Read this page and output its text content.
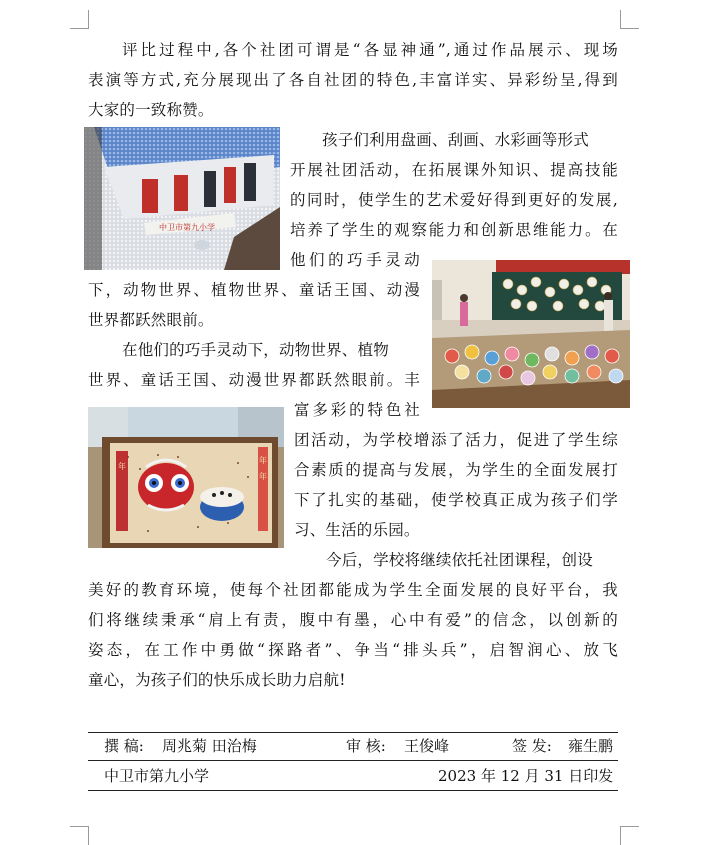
评比过程中,各个社团可谓是“各显神通”,通过作品展示、现场
表演等方式,充分展现出了各自社团的特色,丰富详实、异彩纷呈,得到
大家的一致称赞。
中卫市第九小学
孩子们利用盘画、刮画、水彩画等形式
开展社团活动，在拓展课外知识、提高技能
的同时，使学生的艺术爱好得到更好的发展,
培养了学生的观察能力和创新思维能力。在
他们的巧手灵动
下，动物世界、植物世界、童话王国、动漫
世界都跃然眼前。
在他们的巧手灵动下，动物世界、植物
世界、童话王国、动漫世界都跃然眼前。丰
富多彩的特色社
团活动，为学校增添了活力，促进了学生综
合素质的提高与发展，为学生的全面发展打
下了扎实的基础，使学校真正成为孩子们学
习、生活的乐园。
年
年
年
今后，学校将继续依托社团课程，创设
美好的教育环境，使每个社团都能成为学生全面发展的良好平台，我
们将继续秉承“肩上有责，腹中有墨，心中有爱”的信念，以创新的
姿态，在工作中勇做“探路者”、争当“排头兵”，启智润心、放飞
童心，为孩子们的快乐成长助力启航!
撰 稿: 周兆菊 田治梅	审 核: 王俊峰	签 发: 雍生鹏
中卫市第九小学	2023 年 12 月 31 日印发
